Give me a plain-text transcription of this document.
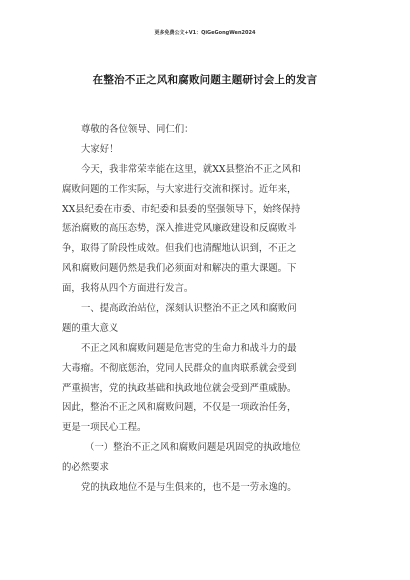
更多免费公文+V1：QiGeGongWen2024
在整治不正之风和腐败问题主题研讨会上的发言
尊敬的各位领导、同仁们：
大家好！
今天，我非常荣幸能在这里，就XX县整治不正之风和
腐败问题的工作实际，与大家进行交流和探讨。近年来，
XX县纪委在市委、市纪委和县委的坚强领导下，始终保持
惩治腐败的高压态势，深入推进党风廉政建设和反腐败斗
争，取得了阶段性成效。但我们也清醒地认识到，不正之
风和腐败问题仍然是我们必须面对和解决的重大课题。下
面，我将从四个方面进行发言。
一、提高政治站位，深刻认识整治不正之风和腐败问
题的重大意义
不正之风和腐败问题是危害党的生命力和战斗力的最
大毒瘤。不彻底惩治，党同人民群众的血肉联系就会受到
严重损害，党的执政基础和执政地位就会受到严重威胁。
因此，整治不正之风和腐败问题，不仅是一项政治任务，
更是一项民心工程。
（一）整治不正之风和腐败问题是巩固党的执政地位
的必然要求
党的执政地位不是与生俱来的，也不是一劳永逸的。
